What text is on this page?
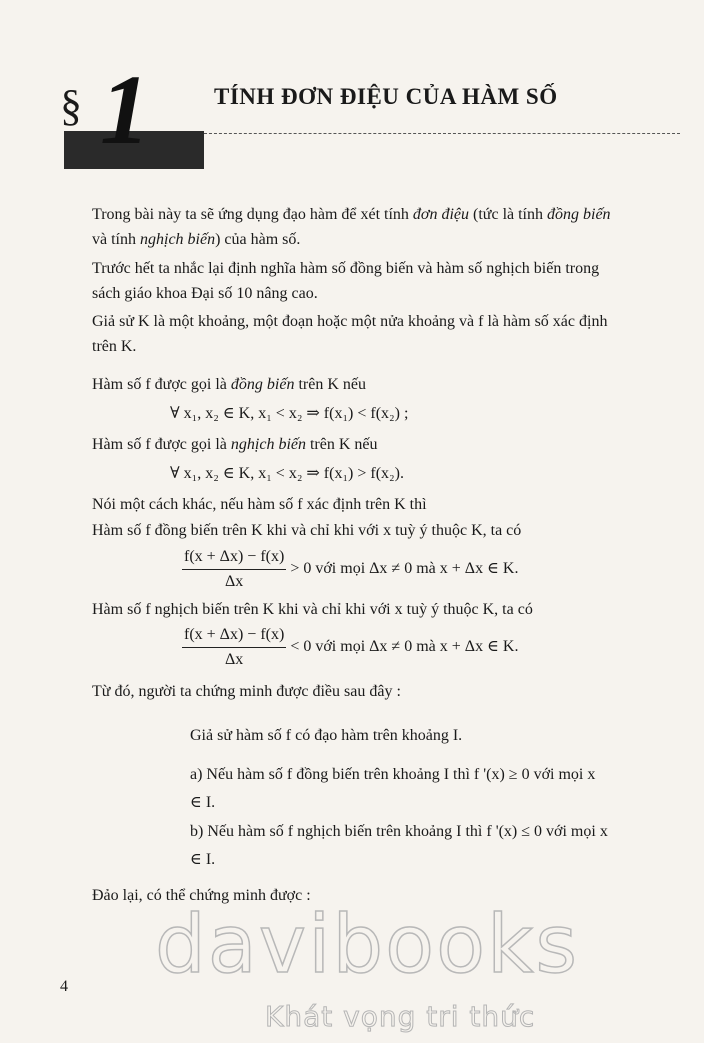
§ 1	TÍNH ĐƠN ĐIỆU CỦA HÀM SỐ

Trong bài này ta sẽ ứng dụng đạo hàm để xét tính đơn điệu (tức là tính đồng biến và tính nghịch biến) của hàm số.

Trước hết ta nhắc lại định nghĩa hàm số đồng biến và hàm số nghịch biến trong sách giáo khoa Đại số 10 nâng cao.

Giả sử K là một khoảng, một đoạn hoặc một nửa khoảng và f là hàm số xác định trên K.

Hàm số f được gọi là đồng biến trên K nếu

∀ x₁, x₂ ∈ K, x₁ < x₂ ⇒ f(x₁) < f(x₂) ;

Hàm số f được gọi là nghịch biến trên K nếu

∀ x₁, x₂ ∈ K, x₁ < x₂ ⇒ f(x₁) > f(x₂).

Nói một cách khác, nếu hàm số f xác định trên K thì

Hàm số f đồng biến trên K khi và chỉ khi với x tuỳ ý thuộc K, ta có

$\frac{f(x + \Delta x) - f(x)}{\Delta x} > 0$ với mọi Δx ≠ 0 mà x + Δx ∈ K.

Hàm số f nghịch biến trên K khi và chỉ khi với x tuỳ ý thuộc K, ta có

$\frac{f(x + \Delta x) - f(x)}{\Delta x} < 0$ với mọi Δx ≠ 0 mà x + Δx ∈ K.

Từ đó, người ta chứng minh được điều sau đây :

Giả sử hàm số f có đạo hàm trên khoảng I.

a) Nếu hàm số f đồng biến trên khoảng I thì f '(x) ≥ 0 với mọi x ∈ I.

b) Nếu hàm số f nghịch biến trên khoảng I thì f '(x) ≤ 0 với mọi x ∈ I.

Đảo lại, có thể chứng minh được :

davibooks
Khát vọng tri thức
4
